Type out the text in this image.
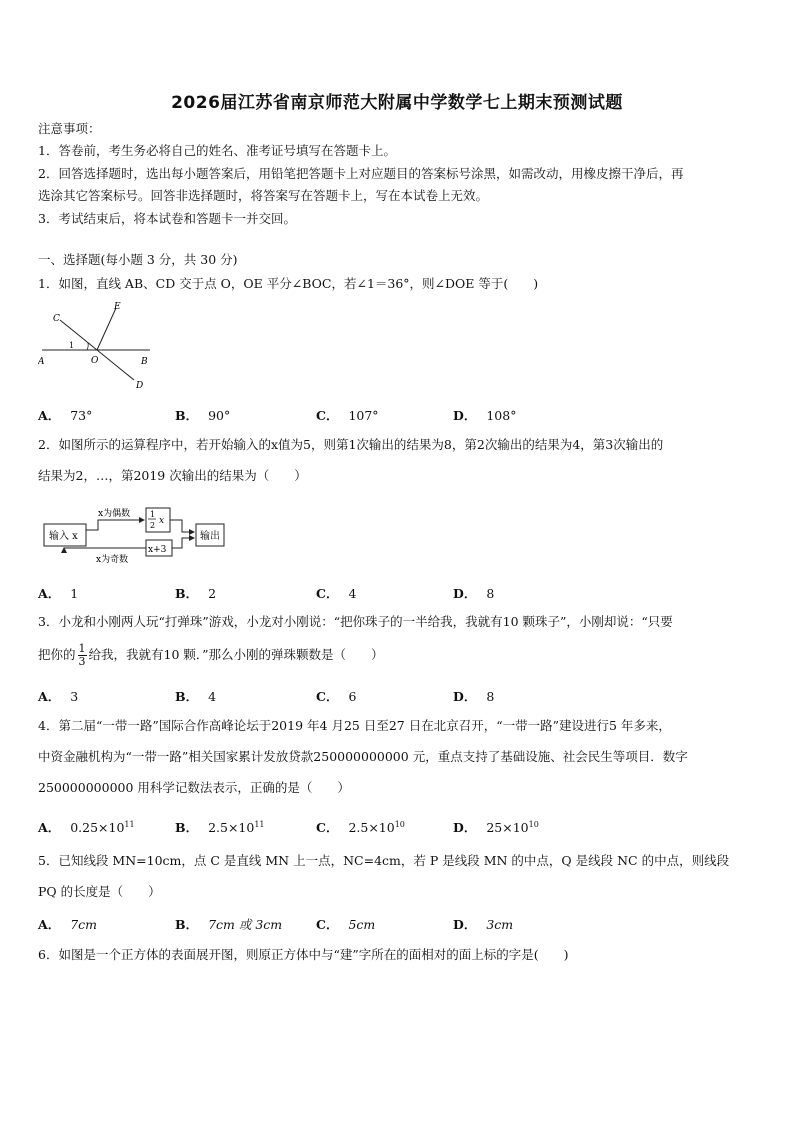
2026届江苏省南京师范大附属中学数学七上期末预测试题
注意事项：
1．答卷前，考生务必将自己的姓名、准考证号填写在答题卡上。
2．回答选择题时，选出每小题答案后，用铅笔把答题卡上对应题目的答案标号涂黑，如需改动，用橡皮擦干净后，再
选涂其它答案标号。回答非选择题时，将答案写在答题卡上，写在本试卷上无效。
3．考试结束后，将本试卷和答题卡一并交回。
一、选择题(每小题 3 分，共 30 分)
1．如图，直线 AB、CD 交于点 O，OE 平分∠BOC，若∠1＝36°，则∠DOE 等于(　　)
A	B
C
D
E
O
1
A． 73°	B． 90°	C． 107°	D． 108°
2．如图所示的运算程序中，若开始输入的x值为5，则第1次输出的结果为8，第2次输出的结果为4，第3次输出的
结果为2，…，第2019 次输出的结果为（　　）
输入 x
1
2 x
x+3
输出
x为偶数
x为奇数
A． 1	B． 2	C． 4	D． 8
3．小龙和小刚两人玩“打弹珠”游戏，小龙对小刚说：“把你珠子的一半给我，我就有10 颗珠子”，小刚却说：“只要
把你的 $\frac{1}{3}$ 给我，我就有10 颗．”那么小刚的弹珠颗数是（　　）
A． 3	B． 4	C． 6	D． 8
4．第二届“一带一路”国际合作高峰论坛于2019 年4 月25 日至27 日在北京召开，“一带一路”建设进行5 年多来，
中资金融机构为“一带一路”相关国家累计发放贷款250000000000 元，重点支持了基础设施、社会民生等项目．数字
250000000000 用科学记数法表示，正确的是（　　）
A． $0.25\times 10^{11}$	B． $2.5\times 10^{11}$	C． $2.5\times 10^{10}$	D． $25\times 10^{10}$
5．已知线段 MN=10cm，点 C 是直线 MN 上一点，NC=4cm，若 P 是线段 MN 的中点，Q 是线段 NC 的中点，则线段
PQ 的长度是（　　）
A． 7cm	B． 7cm 或 3cm	C． 5cm	D． 3cm
6．如图是一个正方体的表面展开图，则原正方体中与“建”字所在的面相对的面上标的字是(　　)
